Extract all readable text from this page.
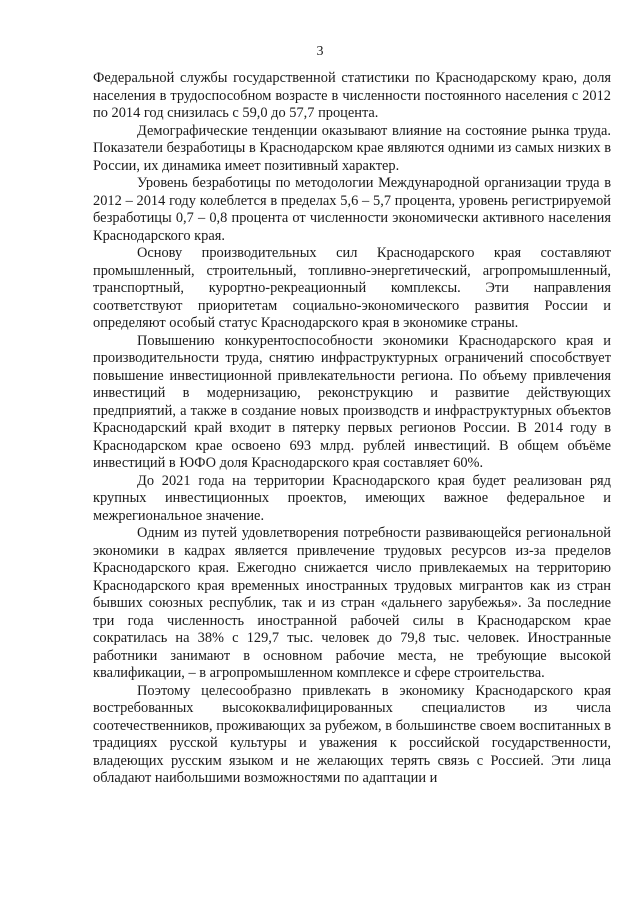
3

Федеральной службы государственной статистики по Краснодарскому краю, доля населения в трудоспособном возрасте в численности постоянного населения с 2012 по 2014 год снизилась с 59,0 до 57,7 процента.

Демографические тенденции оказывают влияние на состояние рынка труда. Показатели безработицы в Краснодарском крае являются одними из самых низких в России, их динамика имеет позитивный характер.

Уровень безработицы по методологии Международной организации труда в 2012 – 2014 году колеблется в пределах 5,6 – 5,7 процента, уровень регистрируемой безработицы 0,7 – 0,8 процента от численности экономически активного населения Краснодарского края.

Основу производительных сил Краснодарского края составляют промышленный, строительный, топливно-энергетический, агропромышленный, транспортный, курортно-рекреационный комплексы. Эти направления соответствуют приоритетам социально-экономического развития России и определяют особый статус Краснодарского края в экономике страны.

Повышению конкурентоспособности экономики Краснодарского края и производительности труда, снятию инфраструктурных ограничений способствует повышение инвестиционной привлекательности региона. По объему привлечения инвестиций в модернизацию, реконструкцию и развитие действующих предприятий, а также в создание новых производств и инфраструктурных объектов Краснодарский край входит в пятерку первых регионов России. В 2014 году в Краснодарском крае освоено 693 млрд. рублей инвестиций. В общем объёме инвестиций в ЮФО доля Краснодарского края составляет 60%.

До 2021 года на территории Краснодарского края будет реализован ряд крупных инвестиционных проектов, имеющих важное федеральное и межрегиональное значение.

Одним из путей удовлетворения потребности развивающейся региональной экономики в кадрах является привлечение трудовых ресурсов из-за пределов Краснодарского края. Ежегодно снижается число привлекаемых на территорию Краснодарского края временных иностранных трудовых мигрантов как из стран бывших союзных республик, так и из стран «дальнего зарубежья». За последние три года численность иностранной рабочей силы в Краснодарском крае сократилась на 38% с 129,7 тыс. человек до 79,8 тыс. человек. Иностранные работники занимают в основном рабочие места, не требующие высокой квалификации, – в агропромышленном комплексе и сфере строительства.

Поэтому целесообразно привлекать в экономику Краснодарского края востребованных высококвалифицированных специалистов из числа соотечественников, проживающих за рубежом, в большинстве своем воспитанных в традициях русской культуры и уважения к российской государственности, владеющих русским языком и не желающих терять связь с Россией. Эти лица обладают наибольшими возможностями по адаптации и
